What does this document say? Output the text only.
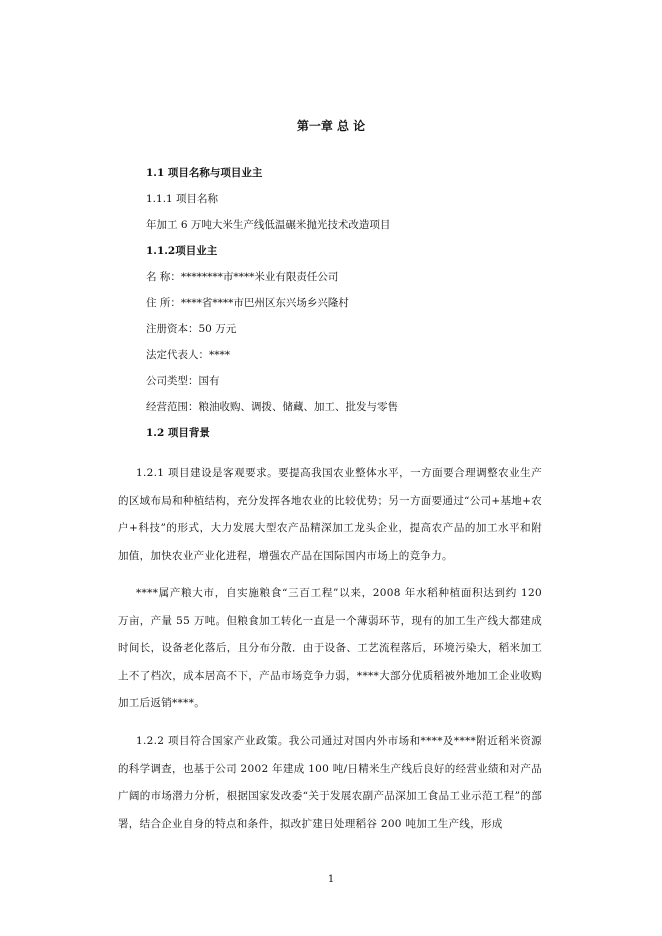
第一章 总 论
1.1 项目名称与项目业主
1.1.1 项目名称
年加工 6 万吨大米生产线低温碾米抛光技术改造项目
1.1.2项目业主
名 称：********市****米业有限责任公司
住 所：****省****市巴州区东兴场乡兴隆村
注册资本：50 万元
法定代表人：****
公司类型：国有
经营范围：粮油收购、调拨、储藏、加工、批发与零售
1.2 项目背景
1.2.1 项目建设是客观要求。要提高我国农业整体水平，一方面要合理调整农业生产的区域布局和种植结构，充分发挥各地农业的比较优势；另一方面要通过“公司+基地+农户+科技”的形式，大力发展大型农产品精深加工龙头企业，提高农产品的加工水平和附加值，加快农业产业化进程，增强农产品在国际国内市场上的竞争力。
****属产粮大市，自实施粮食“三百工程”以来，2008 年水稻种植面积达到约 120 万亩，产量 55 万吨。但粮食加工转化一直是一个薄弱环节，现有的加工生产线大都建成时间长，设备老化落后，且分布分散．由于设备、工艺流程落后，环境污染大，稻米加工上不了档次，成本居高不下，产品市场竞争力弱，****大部分优质稻被外地加工企业收购加工后返销****。
1.2.2 项目符合国家产业政策。我公司通过对国内外市场和****及****附近稻米资源的科学调查，也基于公司 2002 年建成 100 吨/日精米生产线后良好的经营业绩和对产品广阔的市场潜力分析，根据国家发改委“关于发展农副产品深加工食品工业示范工程”的部署，结合企业自身的特点和条件，拟改扩建日处理稻谷 200 吨加工生产线，形成
1
